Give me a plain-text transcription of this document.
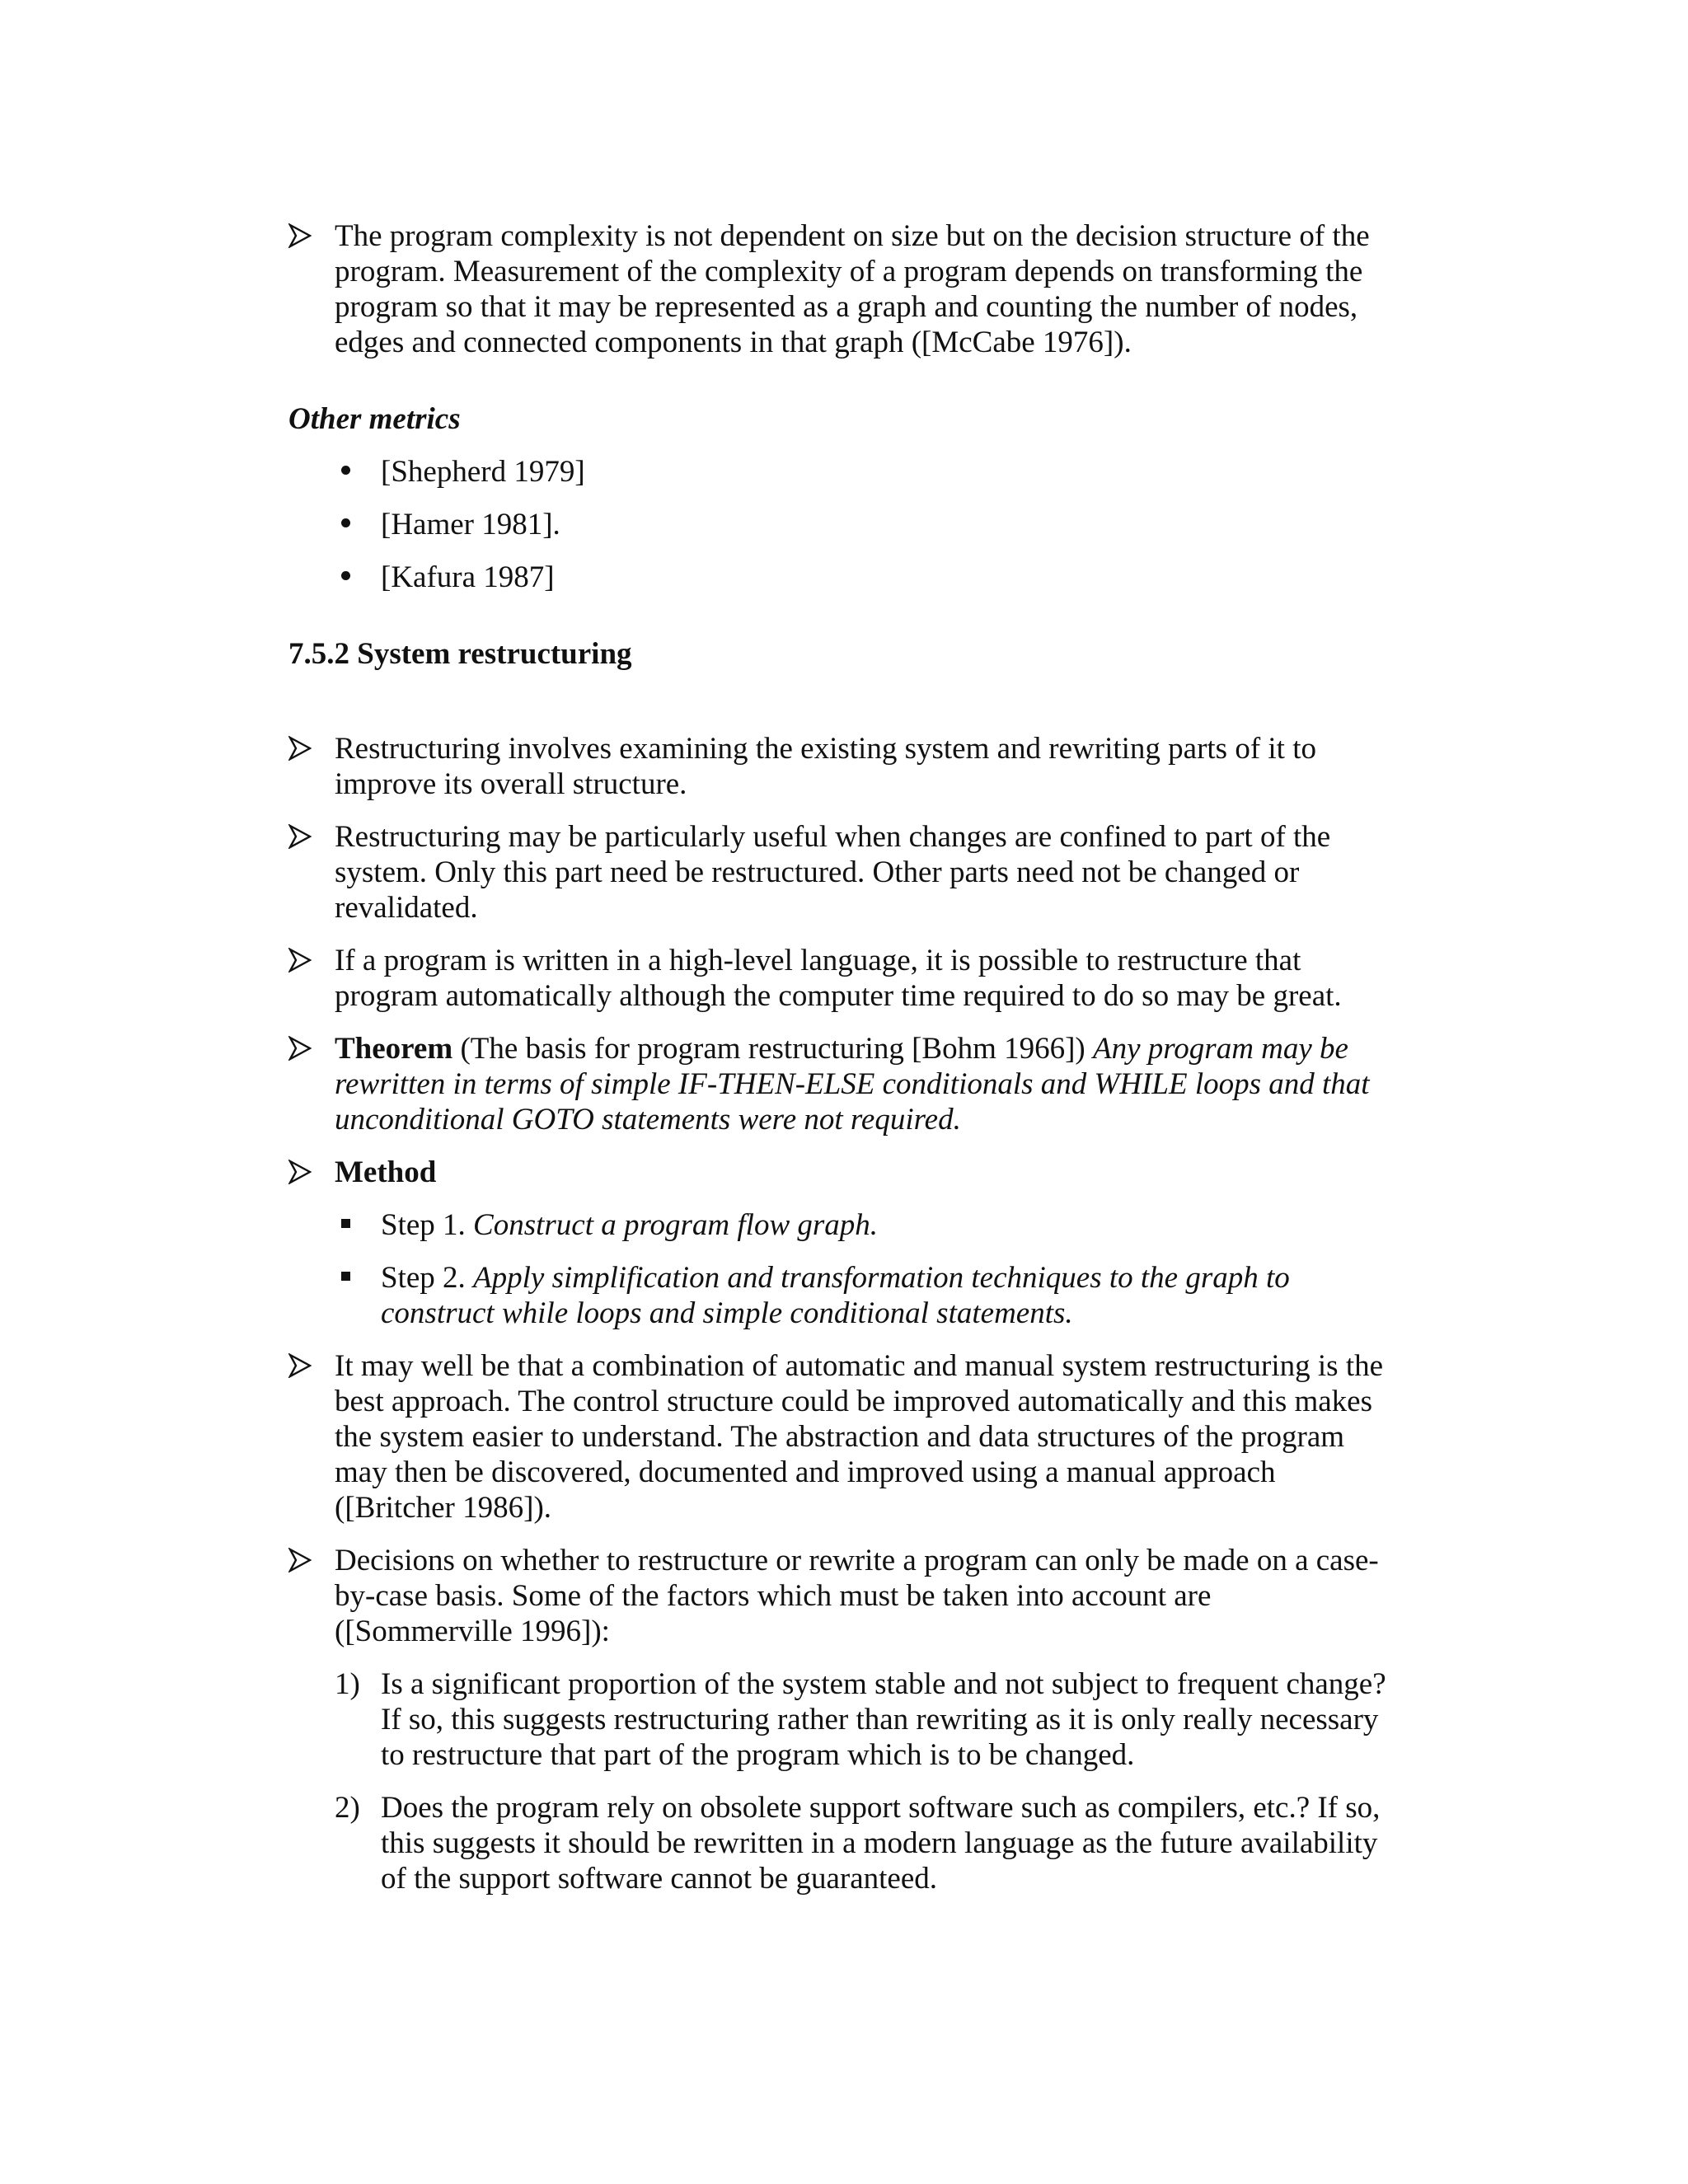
The program complexity is not dependent on size but on the decision structure of the program. Measurement of the complexity of a program depends on transforming the program so that it may be represented as a graph and counting the number of nodes, edges and connected components in that graph ([McCabe 1976]).
Other metrics
[Shepherd 1979]
[Hamer 1981].
[Kafura 1987]
7.5.2 System restructuring
Restructuring involves examining the existing system and rewriting parts of it to improve its overall structure.
Restructuring may be particularly useful when changes are confined to part of the system. Only this part need be restructured. Other parts need not be changed or revalidated.
If a program is written in a high-level language, it is possible to restructure that program automatically although the computer time required to do so may be great.
Theorem (The basis for program restructuring [Bohm 1966]) Any program may be rewritten in terms of simple IF-THEN-ELSE conditionals and WHILE loops and that unconditional GOTO statements were not required.
Method
Step 1. Construct a program flow graph.
Step 2. Apply simplification and transformation techniques to the graph to construct while loops and simple conditional statements.
It may well be that a combination of automatic and manual system restructuring is the best approach. The control structure could be improved automatically and this makes the system easier to understand. The abstraction and data structures of the program may then be discovered, documented and improved using a manual approach ([Britcher 1986]).
Decisions on whether to restructure or rewrite a program can only be made on a case-by-case basis. Some of the factors which must be taken into account are ([Sommerville 1996]):
1) Is a significant proportion of the system stable and not subject to frequent change? If so, this suggests restructuring rather than rewriting as it is only really necessary to restructure that part of the program which is to be changed.
2) Does the program rely on obsolete support software such as compilers, etc.? If so, this suggests it should be rewritten in a modern language as the future availability of the support software cannot be guaranteed.
